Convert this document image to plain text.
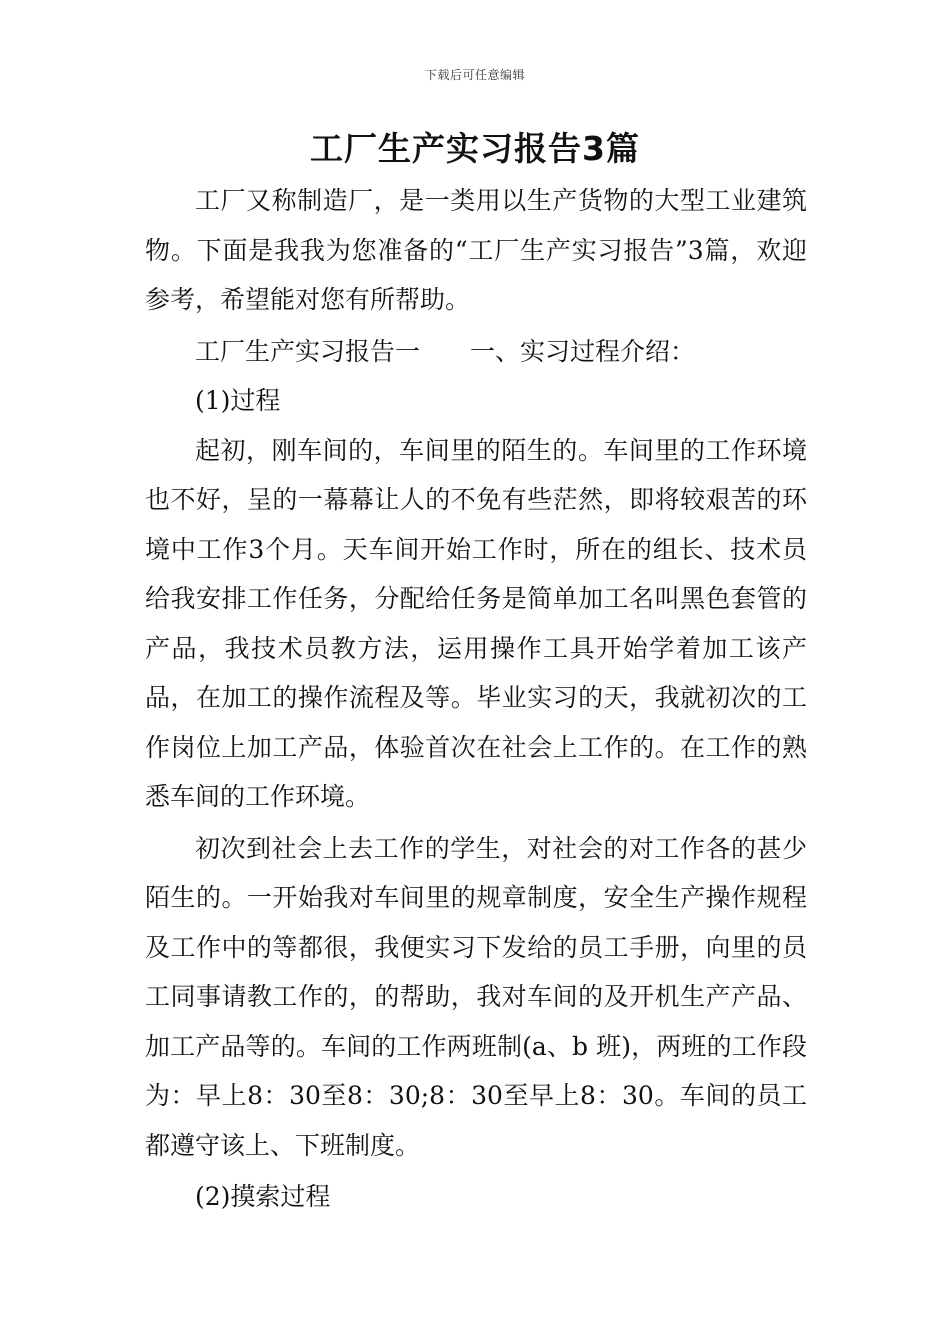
下载后可任意编辑
工厂生产实习报告3篇

工厂又称制造厂，是一类用以生产货物的大型工业建筑物。下面是我我为您准备的“工厂生产实习报告”3篇，欢迎参考，希望能对您有所帮助。

工厂生产实习报告一　　一、实习过程介绍：

(1)过程

起初，刚车间的，车间里的陌生的。车间里的工作环境也不好，呈的一幕幕让人的不免有些茫然，即将较艰苦的环境中工作3个月。天车间开始工作时，所在的组长、技术员给我安排工作任务，分配给任务是简单加工名叫黑色套管的产品，我技术员教方法，运用操作工具开始学着加工该产品，在加工的操作流程及等。毕业实习的天，我就初次的工作岗位上加工产品，体验首次在社会上工作的。在工作的熟悉车间的工作环境。

初次到社会上去工作的学生，对社会的对工作各的甚少陌生的。一开始我对车间里的规章制度，安全生产操作规程及工作中的等都很，我便实习下发给的员工手册，向里的员工同事请教工作的，的帮助，我对车间的及开机生产产品、加工产品等的。车间的工作两班制(a、b 班)，两班的工作段为：早上8：30至8：30;8：30至早上8：30。车间的员工都遵守该上、下班制度。

(2)摸索过程
